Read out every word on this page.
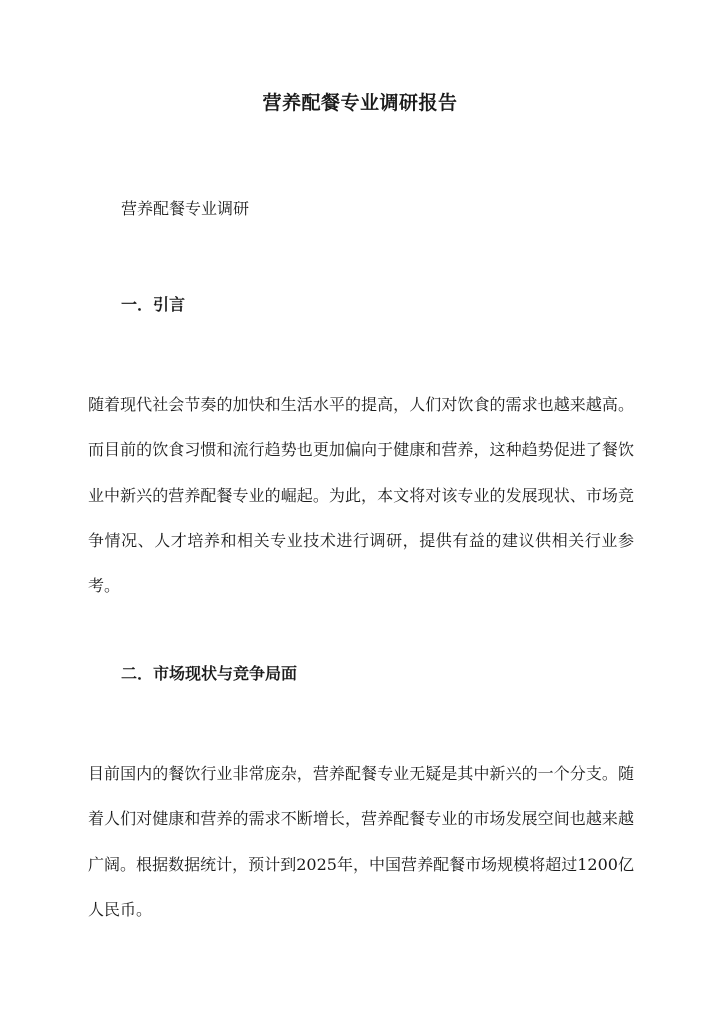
营养配餐专业调研报告

营养配餐专业调研

一．引言

随着现代社会节奏的加快和生活水平的提高，人们对饮食的需求也越来越高。而目前的饮食习惯和流行趋势也更加偏向于健康和营养，这种趋势促进了餐饮业中新兴的营养配餐专业的崛起。为此，本文将对该专业的发展现状、市场竞争情况、人才培养和相关专业技术进行调研，提供有益的建议供相关行业参考。

二．市场现状与竞争局面

目前国内的餐饮行业非常庞杂，营养配餐专业无疑是其中新兴的一个分支。随着人们对健康和营养的需求不断增长，营养配餐专业的市场发展空间也越来越广阔。根据数据统计，预计到2025年，中国营养配餐市场规模将超过1200亿人民币。
